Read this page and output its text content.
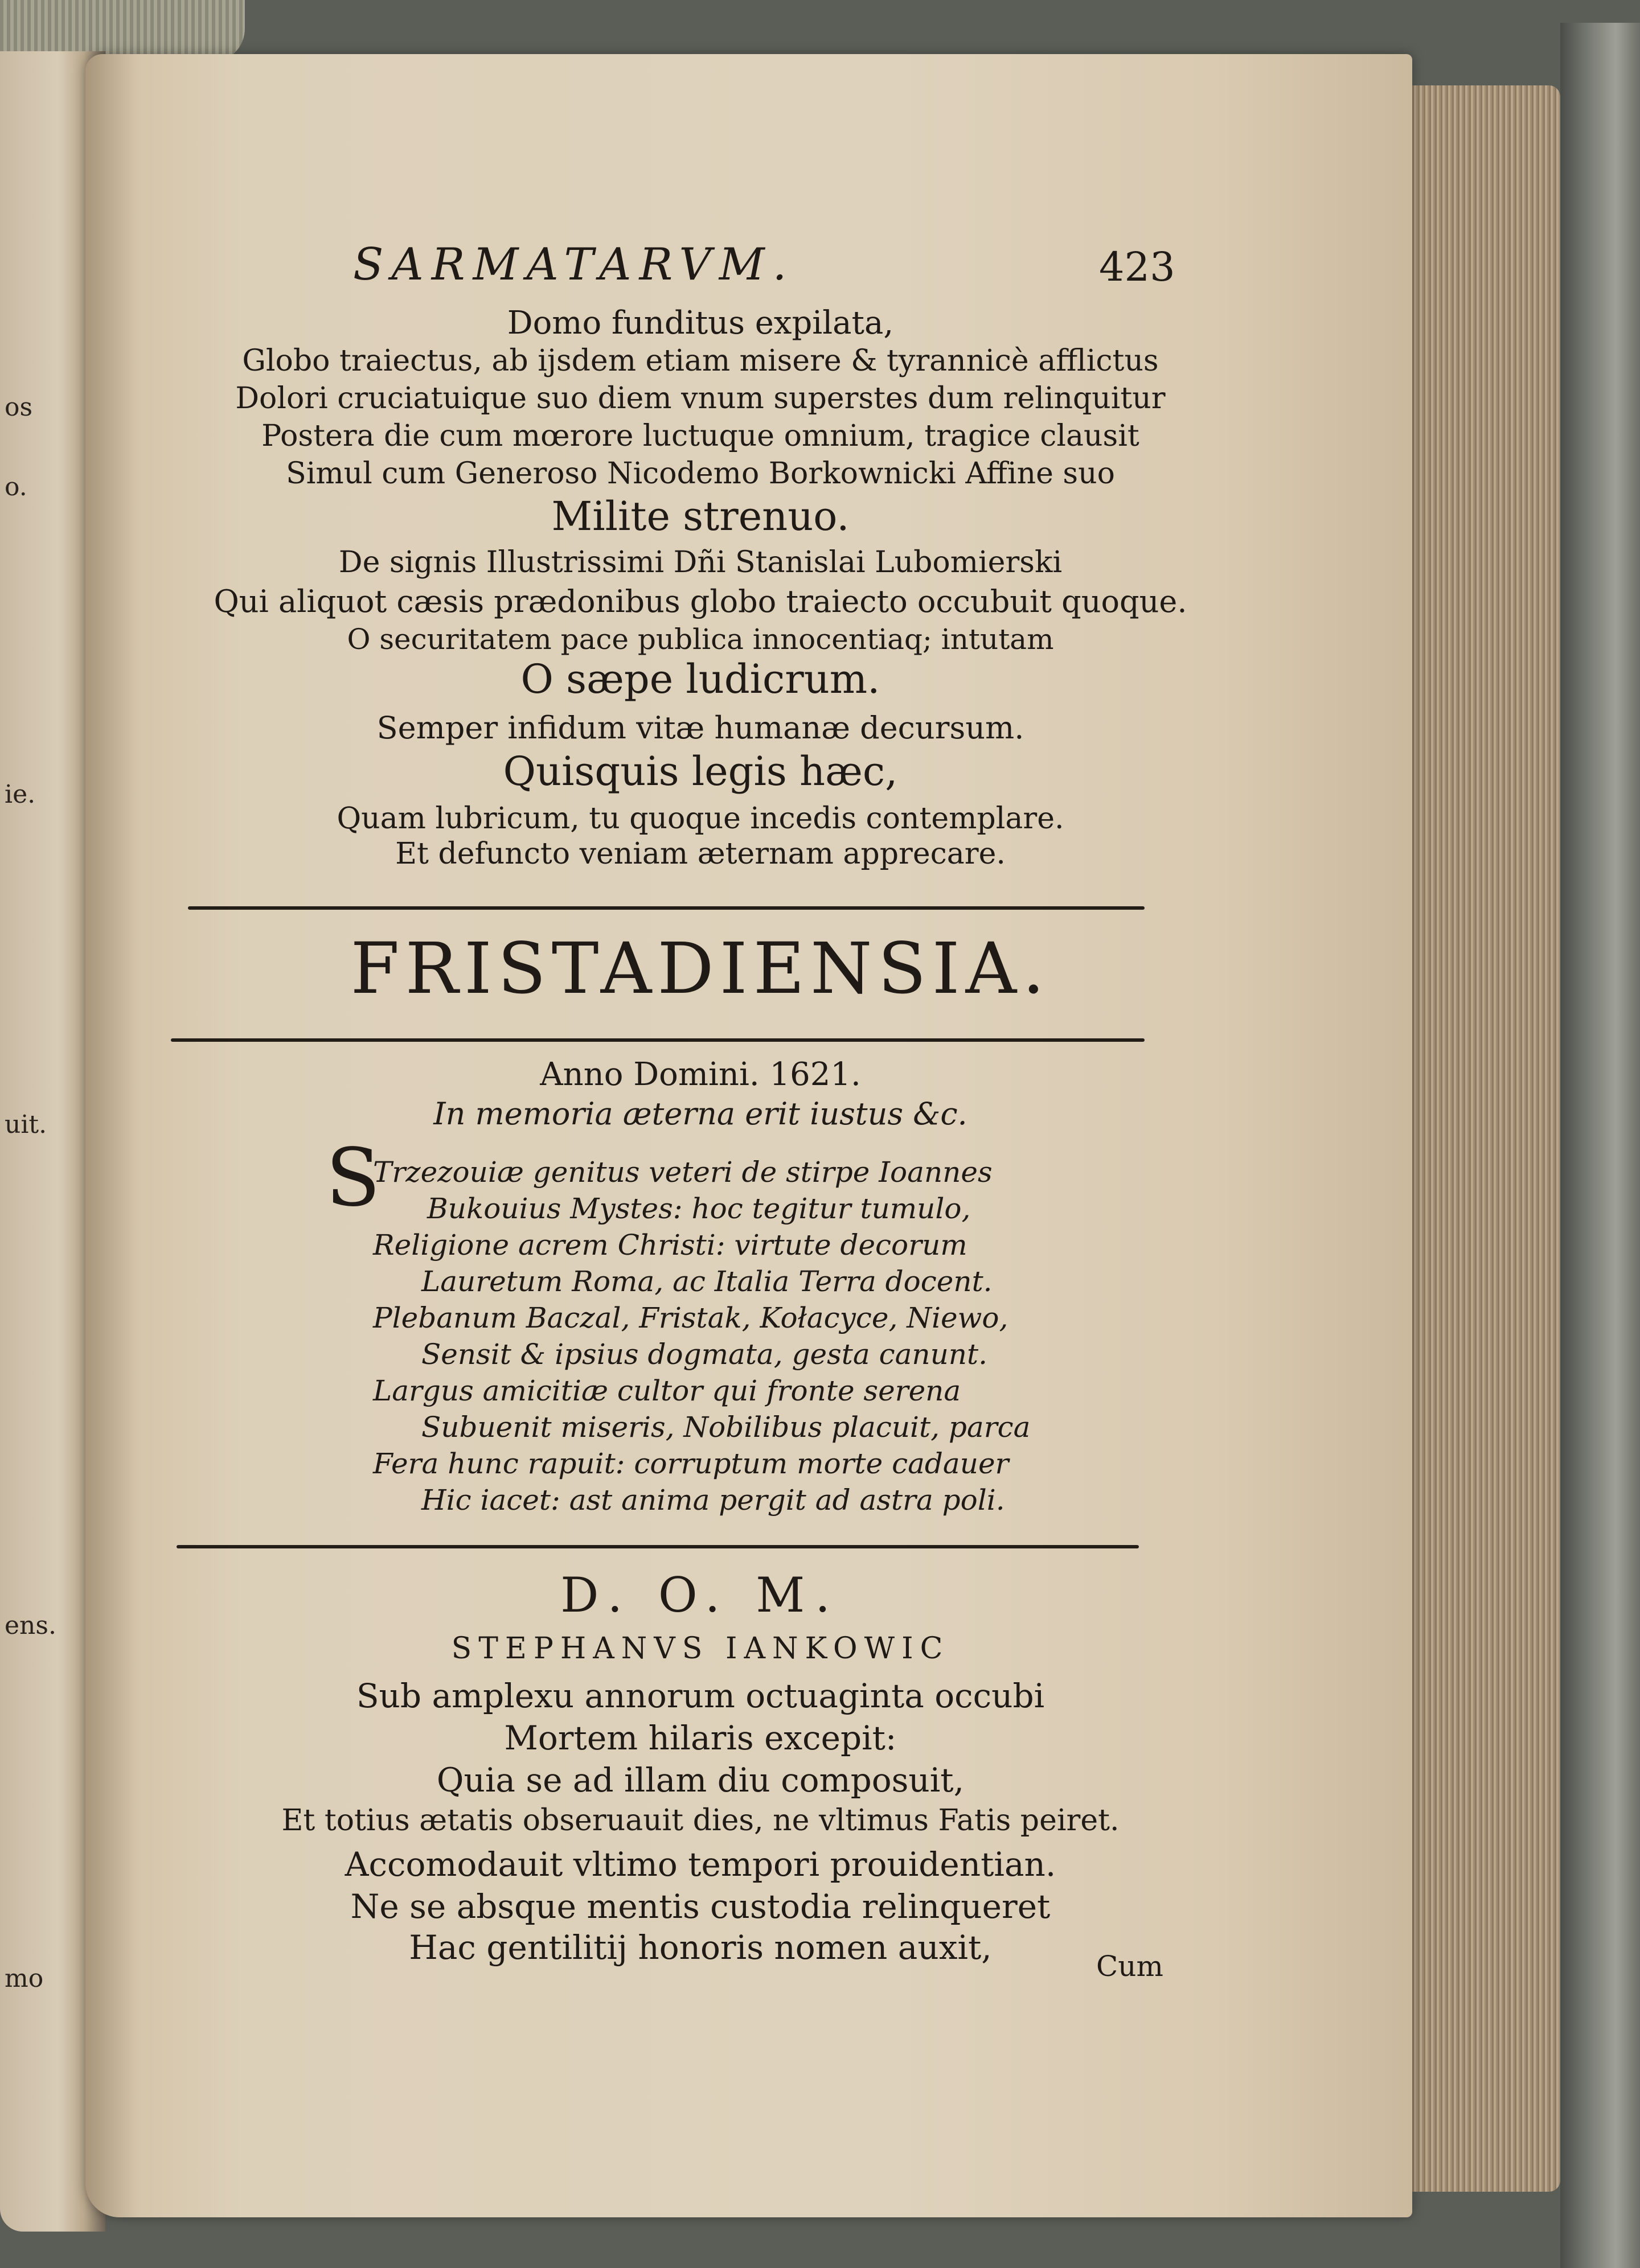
os
o.
ie.
uit.
ens.
mo
SARMATARVM.	423
Domo funditus expilata,
Globo traiectus, ab ijsdem etiam misere & tyrannicè afflictus
Dolori cruciatuique suo diem vnum superstes dum relinquitur
Postera die cum mœrore luctuque omnium, tragice clausit
Simul cum Generoso Nicodemo Borkownicki Affine suo
Milite strenuo.
De signis Illustrissimi Dñi Stanislai Lubomierski
Qui aliquot cæsis prædonibus globo traiecto occubuit quoque.
O securitatem pace publica innocentiaq; intutam
O sæpe ludicrum.
Semper infidum vitæ humanæ decursum.
Quisquis legis hæc,
Quam lubricum, tu quoque incedis contemplare.
Et defuncto veniam æternam apprecare.
FRISTADIENSIA.
Anno Domini. 1621.
In memoria æterna erit iustus &c.
S
Trzezouiæ genitus veteri de stirpe Ioannes
Bukouius Mystes: hoc tegitur tumulo,
Religione acrem Christi: virtute decorum
Lauretum Roma, ac Italia Terra docent.
Plebanum Baczal, Fristak, Kołacyce, Niewo,
Sensit & ipsius dogmata, gesta canunt.
Largus amicitiæ cultor qui fronte serena
Subuenit miseris, Nobilibus placuit, parca
Fera hunc rapuit: corruptum morte cadauer
Hic iacet: ast anima pergit ad astra poli.
D. O. M.
STEPHANVS IANKOWIC
Sub amplexu annorum octuaginta occubi
Mortem hilaris excepit:
Quia se ad illam diu composuit,
Et totius ætatis obseruauit dies, ne vltimus Fatis peiret.
Accomodauit vltimo tempori prouidentian.
Ne se absque mentis custodia relinqueret
Hac gentilitij honoris nomen auxit,	Cum
